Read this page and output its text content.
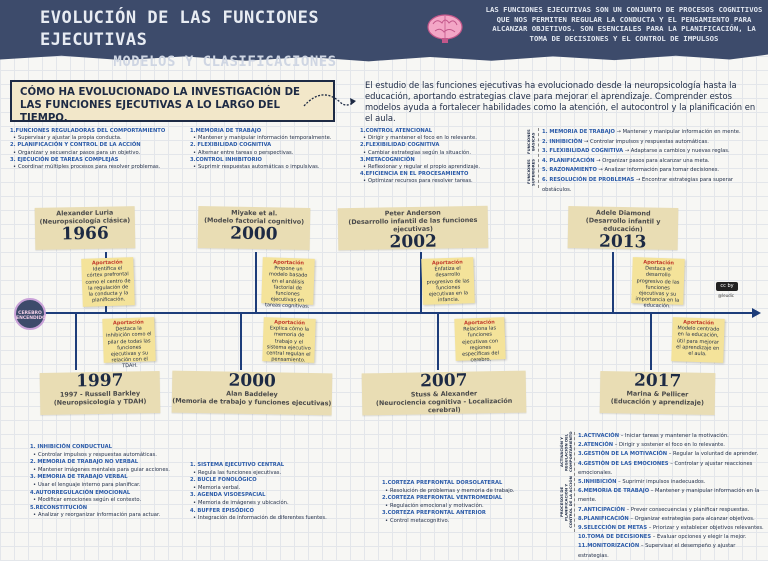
EVOLUCIÓN DE LAS FUNCIONES EJECUTIVAS
MODELOS Y CLASIFICACIONES
LAS FUNCIONES EJECUTIVAS SON UN CONJUNTO DE PROCESOS COGNITIVOS QUE NOS PERMITEN REGULAR LA CONDUCTA Y EL PENSAMIENTO PARA ALCANZAR OBJETIVOS. SON ESENCIALES PARA LA PLANIFICACIÓN, LA TOMA DE DECISIONES Y EL CONTROL DE IMPULSOS
CÓMO HA EVOLUCIONADO LA INVESTIGACIÓN DE LAS FUNCIONES EJECUTIVAS A LO LARGO DEL TIEMPO.
El estudio de las funciones ejecutivas ha evolucionado desde la neuropsicología hasta la educación, aportando estrategias clave para mejorar el aprendizaje. Comprender estos modelos ayuda a fortalecer habilidades como la atención, el autocontrol y la planificación en el aula.
CEREBRO ENCENDIDO
cc by
@leudic
1.FUNCIONES REGULADORAS DEL COMPORTAMIENTO
• Supervisar y ajustar la propia conducta.
2. PLANIFICACIÓN Y CONTROL DE LA ACCIÓN
• Organizar y secuenciar pasos para un objetivo.
3. EJECUCIÓN DE TAREAS COMPLEJAS
• Coordinar múltiples procesos para resolver problemas.
Alexander Luria
(Neuropsicología clásica)
1966
Aportación
Identifica el córtex prefrontal como el centro de la regulación de la conducta y la planificación.
1.MEMORIA DE TRABAJO
• Mantener y manipular información temporalmente.
2. FLEXIBILIDAD COGNITIVA
• Alternar entre tareas o perspectivas.
3.CONTROL INHIBITORIO
• Suprimir respuestas automáticas o impulsivas.
Miyake et al.
(Modelo factorial cognitivo)
2000
Aportación
Propone un modelo basado en el análisis factorial de funciones ejecutivas en tareas cognitivas.
1.CONTROL ATENCIONAL
• Dirigir y mantener el foco en lo relevante.
2.FLEXIBILIDAD COGNITIVA
• Cambiar estrategias según la situación.
3.METACOGNICIÓN
• Reflexionar y regular el propio aprendizaje.
4.EFICIENCIA EN EL PROCESAMIENTO
• Optimizar recursos para resolver tareas.
Peter Anderson
(Desarrollo infantil de las funciones ejecutivas)
2002
Aportación
Enfatiza el desarrollo progresivo de las funciones ejecutivas en la infancia.
FUNCIONES BÁSICAS
FUNCIONES SUPERIORES
1. MEMORIA DE TRABAJO → Mantener y manipular información en mente.
2. INHIBICIÓN → Controlar impulsos y respuestas automáticas.
3. FLEXIBILIDAD COGNITIVA → Adaptarse a cambios y nuevas reglas.
4. PLANIFICACIÓN → Organizar pasos para alcanzar una meta.
5. RAZONAMIENTO → Analizar información para tomar decisiones.
6. RESOLUCIÓN DE PROBLEMAS → Encontrar estrategias para superar obstáculos.
Adele Diamond
(Desarrollo infantil y educación)
2013
Aportación
Destaca el desarrollo progresivo de las funciones ejecutivas y su importancia en la educación.
Aportación
Destaca la inhibición como el pilar de todas las funciones ejecutivas y su relación con el TDAH.
Aportación
Explica cómo la memoria de trabajo y el sistema ejecutivo central regulan el pensamiento.
Aportación
Relaciona las funciones ejecutivas con regiones específicas del cerebro.
Aportación
Modelo centrado en la educación, útil para mejorar el aprendizaje en el aula.
1997
1997 - Russell Barkley
(Neuropsicología y TDAH)
1. INHIBICIÓN CONDUCTUAL
• Controlar impulsos y respuestas automáticas.
2. MEMORIA DE TRABAJO NO VERBAL
• Mantener imágenes mentales para guiar acciones.
3. MEMORIA DE TRABAJO VERBAL
• Usar el lenguaje interno para planificar.
4.AUTORREGULACIÓN EMOCIONAL
• Modificar emociones según el contexto.
5.RECONSTITUCIÓN
• Analizar y reorganizar información para actuar.
2000
Alan Baddeley
(Memoria de trabajo y funciones ejecutivas)
1. SISTEMA EJECUTIVO CENTRAL
• Regula las funciones ejecutivas.
2. BUCLE FONOLÓGICO
• Memoria verbal.
3. AGENDA VISOESPACIAL
• Memoria de imágenes y ubicación.
4. BUFFER EPISÓDICO
• Integración de información de diferentes fuentes.
2007
Stuss & Alexander
(Neurociencia cognitiva - Localización cerebral)
1.CORTEZA PREFRONTAL DORSOLATERAL
• Resolución de problemas y memoria de trabajo.
2.CORTEZA PREFRONTAL VENTROMEDIAL
• Regulación emocional y motivación.
3.CORTEZA PREFRONTAL ANTERIOR
• Control metacognitivo.
2017
Marina & Pellicer
(Educación y aprendizaje)
ACTIVACIÓN Y REGULACIÓN DEL COMPORTAMIENTO
PROCESOS DE PLANIFICACIÓN Y CONTROL DE LA ACCIÓN
1.ACTIVACIÓN – Iniciar tareas y mantener la motivación.
2.ATENCIÓN – Dirigir y sostener el foco en lo relevante.
3.GESTIÓN DE LA MOTIVACIÓN – Regular la voluntad de aprender.
4.GESTIÓN DE LAS EMOCIONES – Controlar y ajustar reacciones emocionales.
5.INHIBICIÓN – Suprimir impulsos inadecuados.
6.MEMORIA DE TRABAJO – Mantener y manipular información en la mente.
7.ANTICIPACIÓN – Prever consecuencias y planificar respuestas.
8.PLANIFICACIÓN – Organizar estrategias para alcanzar objetivos.
9.SELECCIÓN DE METAS – Priorizar y establecer objetivos relevantes.
10.TOMA DE DECISIONES – Evaluar opciones y elegir la mejor.
11.MONITORIZACIÓN – Supervisar el desempeño y ajustar estrategias.
